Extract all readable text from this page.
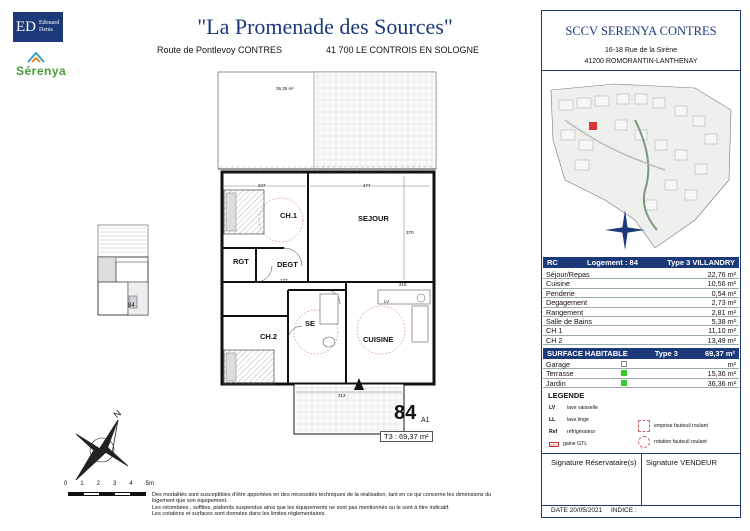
ED Edouard
Denis
Sérenya
"La Promenade des Sources"
Route de Pontlevoy CONTRES	41 700 LE CONTROIS EN SOLOGNE
84
36,36 m²
347	477
370
215
177
313
CH.1	SEJOUR
RGT	DEGT
CH.2
SE
CUISINE
LV
84 A1
T3 : 69,37 m²
N
0 1 2 3 4 5m
Des modalités sont susceptibles d'être apportées en des nécessités techniques de la réalisation, tant en ce qui concerne les dimensions du
logement que son équipement.
Les retombées , soffites, plafonds suspendus ainsi que les équipements ne sont pas mentionnés ou le sont à titre indicatif.
Les cotations et surfaces sont données dans les limites réglementaires.
SCCV SERENYA CONTRES
16-18 Rue de la Sirène
41200 ROMORANTIN-LANTHENAY
RC	Logement : 84	Type 3 VILLANDRY
Séjour/Repas	22,76 m²
Cuisine	10,56 m²
Penderie	0,54 m²
Degagement	2,73 m²
Rangement	2,81 m²
Salle de Bains	5,38 m²
CH 1	11,10 m²
CH 2	13,49 m²
SURFACE HABITABLE	Type 3	69,37 m²
Garage	m²
Terrasse	15,36 m²
Jardin	36,36 m²
LEGENDE
LV	lave vaisselle
LL	lave linge
Ref	réfrigérateur
GTL	gaine GTL
emprise fauteuil roulant
rotation fauteuil roulant
Signature Réservataire(s) Signature VENDEUR
DATE 20/05/2021 INDICE :
